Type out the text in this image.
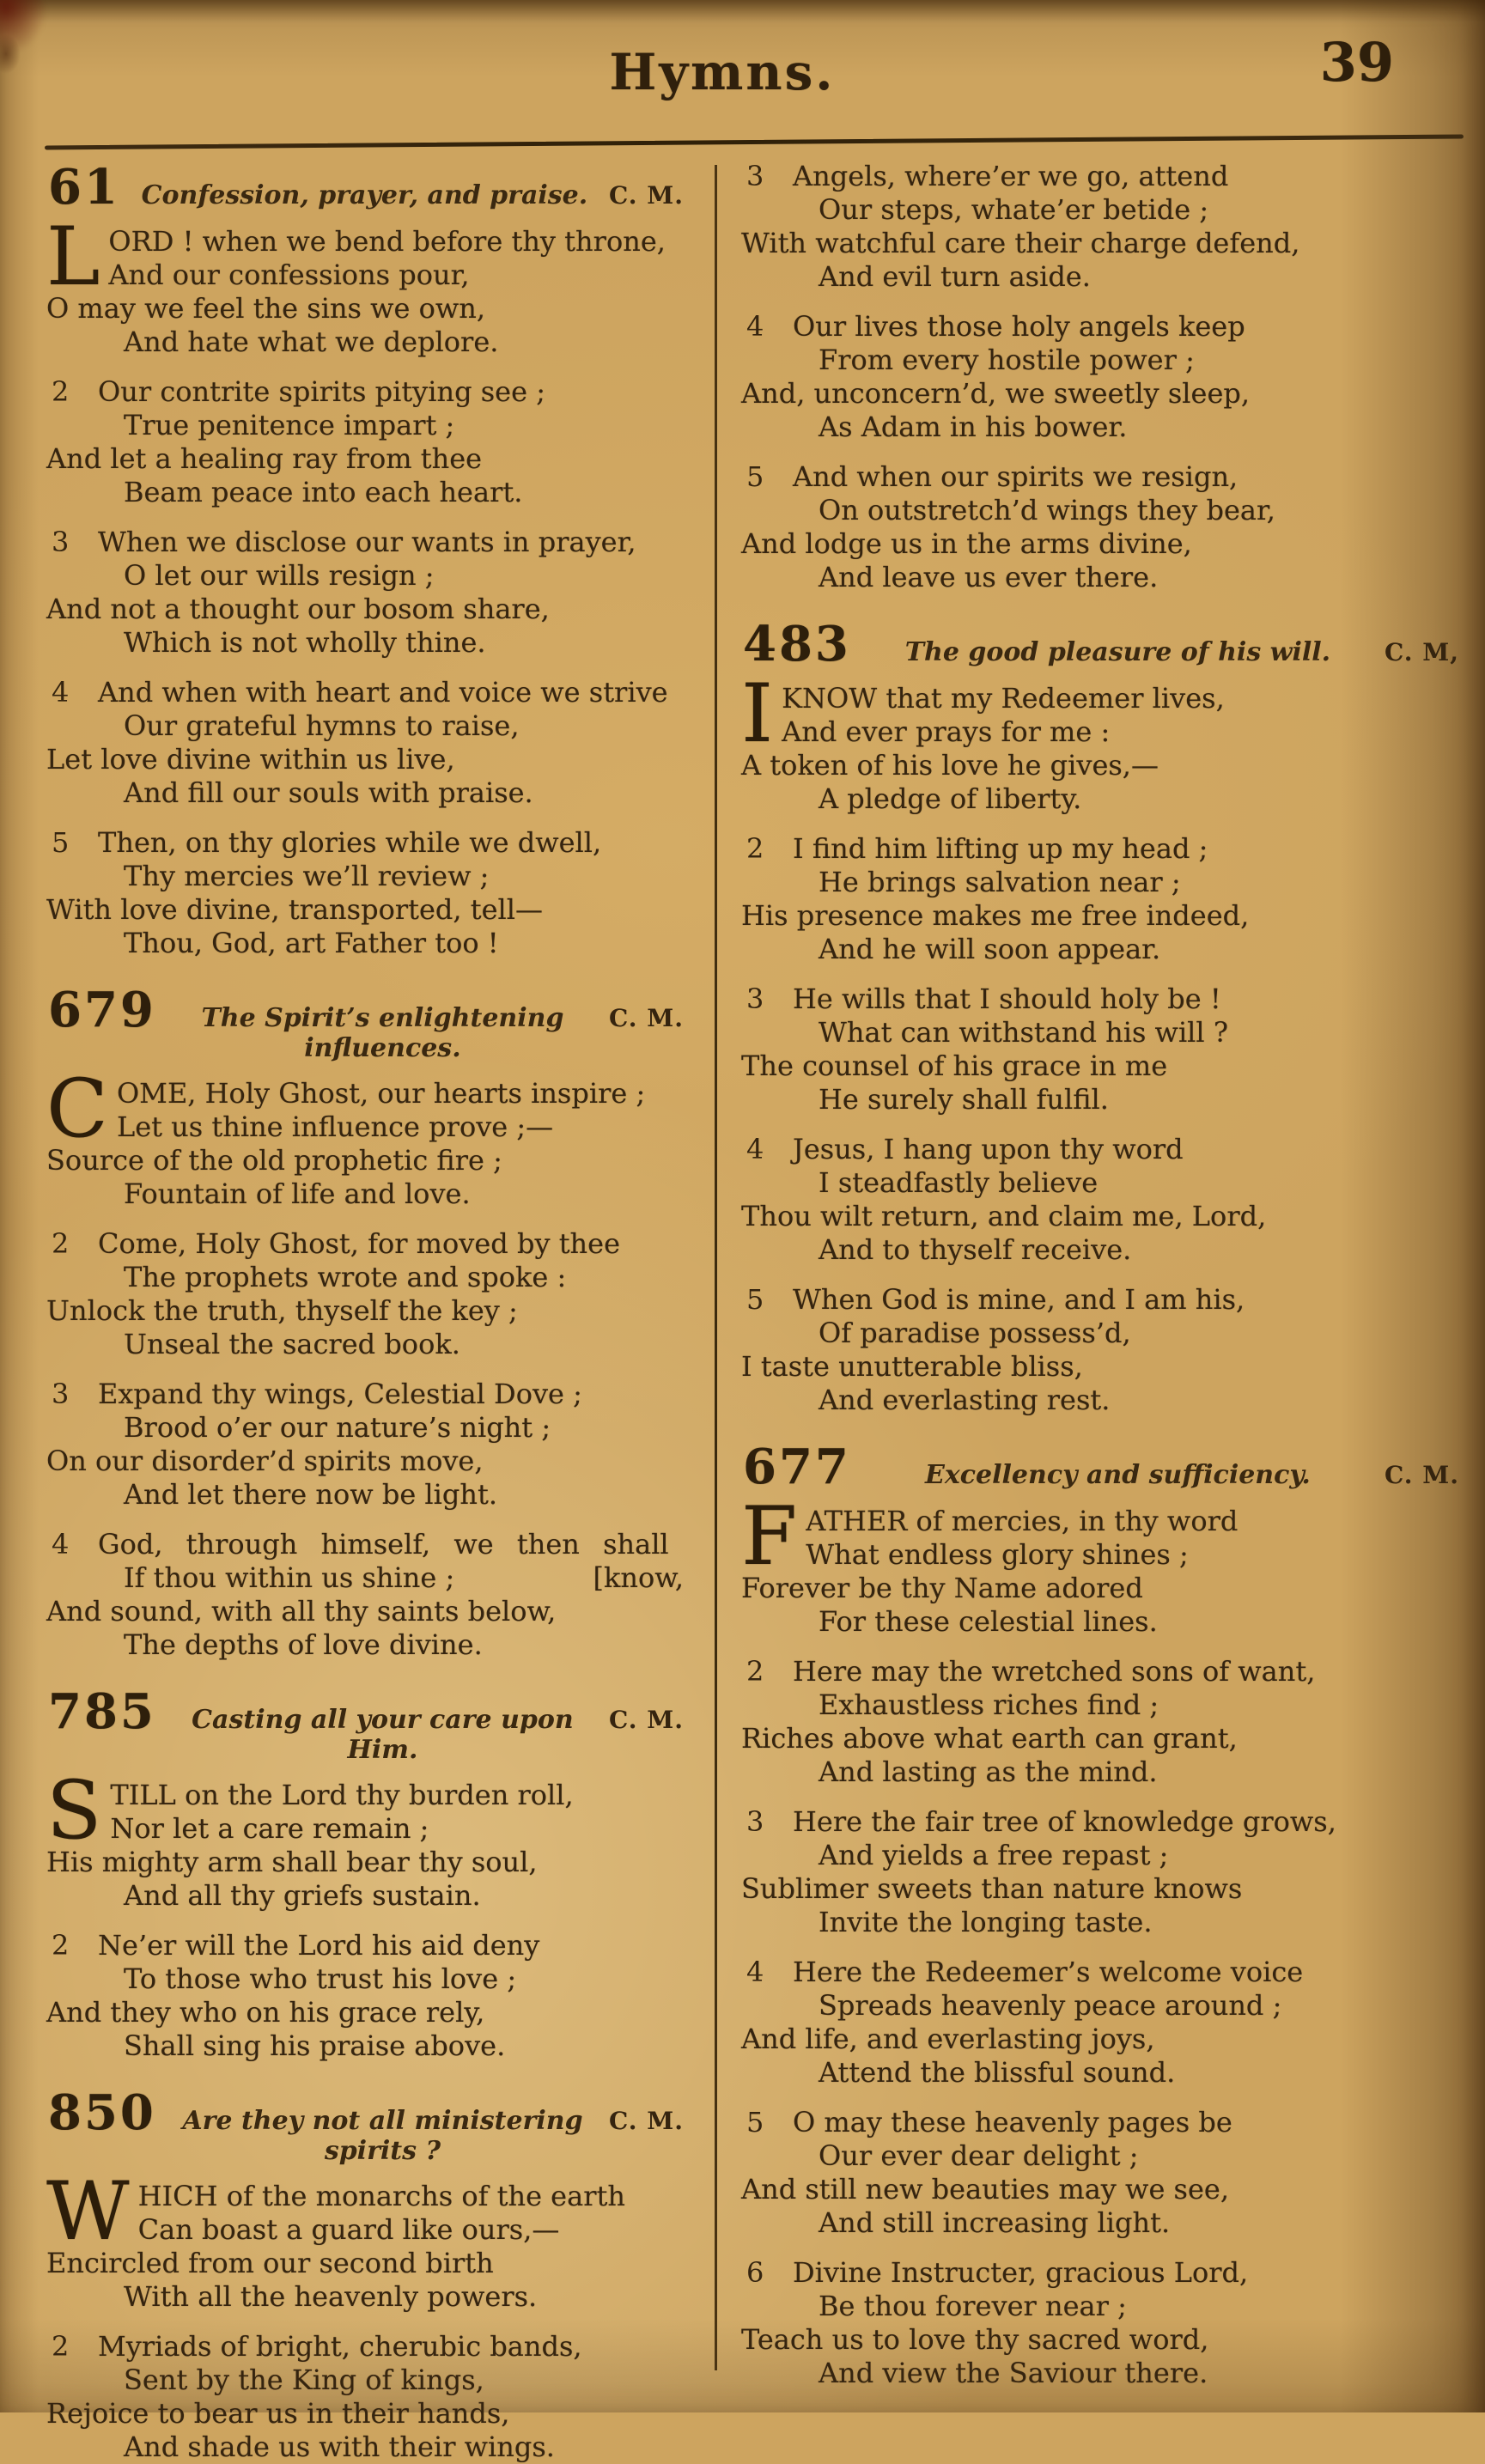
Hymns.	39
61 Confession, prayer, and praise. C. M.
L ORD ! when we bend before thy throne,
And our confessions pour,
O may we feel the sins we own,
And hate what we deplore.
2	Our contrite spirits pitying see ;
True penitence impart ;
And let a healing ray from thee
Beam peace into each heart.
3	When we disclose our wants in prayer,
O let our wills resign ;
And not a thought our bosom share,
Which is not wholly thine.
4	And when with heart and voice we strive
Our grateful hymns to raise,
Let love divine within us live,
And fill our souls with praise.
5	Then, on thy glories while we dwell,
Thy mercies we’ll review ;
With love divine, transported, tell—
Thou, God, art Father too !
679	The Spirit’s enlightening influences.
C. M.
C OME, Holy Ghost, our hearts inspire ;
Let us thine influence prove ;—
Source of the old prophetic fire ;
Fountain of life and love.
2	Come, Holy Ghost, for moved by thee
The prophets wrote and spoke :
Unlock the truth, thyself the key ;
Unseal the sacred book.
3	Expand thy wings, Celestial Dove ;
Brood o’er our nature’s night ;
On our disorder’d spirits move,
And let there now be light.
4	God, through himself, we then shall
If thou within us shine ;	[know,
And sound, with all thy saints below,
The depths of love divine.
785	Casting all your care upon Him.
C. M.
S TILL on the Lord thy burden roll,
Nor let a care remain ;
His mighty arm shall bear thy soul,
And all thy griefs sustain.
2	Ne’er will the Lord his aid deny
To those who trust his love ;
And they who on his grace rely,
Shall sing his praise above.
850	Are they not all ministering spirits ?
C. M.
W HICH of the monarchs of the earth
Can boast a guard like ours,—
Encircled from our second birth
With all the heavenly powers.
2	Myriads of bright, cherubic bands,
Sent by the King of kings,
Rejoice to bear us in their hands,
And shade us with their wings.
3	Angels, where’er we go, attend
Our steps, whate’er betide ;
With watchful care their charge defend,
And evil turn aside.
4	Our lives those holy angels keep
From every hostile power ;
And, unconcern’d, we sweetly sleep,
As Adam in his bower.
5	And when our spirits we resign,
On outstretch’d wings they bear,
And lodge us in the arms divine,
And leave us ever there.
483	The good pleasure of his will.	C. M,
I KNOW that my Redeemer lives,
And ever prays for me :
A token of his love he gives,—
A pledge of liberty.
2	I find him lifting up my head ;
He brings salvation near ;
His presence makes me free indeed,
And he will soon appear.
3	He wills that I should holy be !
What can withstand his will ?
The counsel of his grace in me
He surely shall fulfil.
4	Jesus, I hang upon thy word
I steadfastly believe
Thou wilt return, and claim me, Lord,
And to thyself receive.
5	When God is mine, and I am his,
Of paradise possess’d,
I taste unutterable bliss,
And everlasting rest.
677	Excellency and sufficiency.	C. M.
F ATHER of mercies, in thy word
What endless glory shines ;
Forever be thy Name adored
For these celestial lines.
2	Here may the wretched sons of want,
Exhaustless riches find ;
Riches above what earth can grant,
And lasting as the mind.
3	Here the fair tree of knowledge grows,
And yields a free repast ;
Sublimer sweets than nature knows
Invite the longing taste.
4	Here the Redeemer’s welcome voice
Spreads heavenly peace around ;
And life, and everlasting joys,
Attend the blissful sound.
5	O may these heavenly pages be
Our ever dear delight ;
And still new beauties may we see,
And still increasing light.
6	Divine Instructer, gracious Lord,
Be thou forever near ;
Teach us to love thy sacred word,
And view the Saviour there.
